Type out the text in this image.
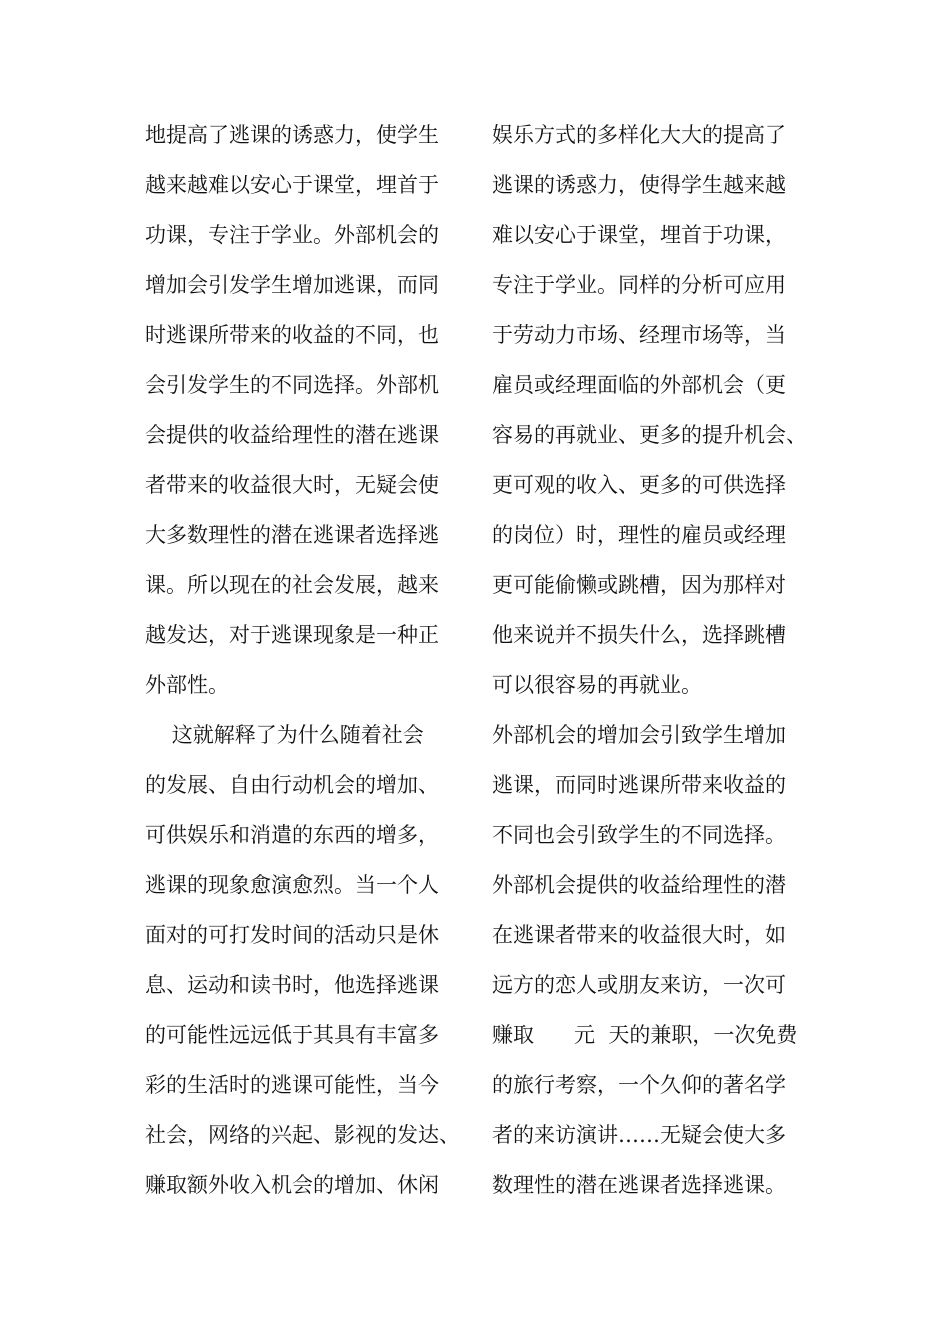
地提高了逃课的诱惑力，使学生
越来越难以安心于课堂，埋首于
功课，专注于学业。外部机会的
增加会引发学生增加逃课，而同
时逃课所带来的收益的不同，也
会引发学生的不同选择。外部机
会提供的收益给理性的潜在逃课
者带来的收益很大时，无疑会使
大多数理性的潜在逃课者选择逃
课。所以现在的社会发展，越来
越发达，对于逃课现象是一种正
外部性。
这就解释了为什么随着社会
的发展、自由行动机会的增加、
可供娱乐和消遣的东西的增多，
逃课的现象愈演愈烈。当一个人
面对的可打发时间的活动只是休
息、运动和读书时，他选择逃课
的可能性远远低于其具有丰富多
彩的生活时的逃课可能性，当今
社会，网络的兴起、影视的发达、
赚取额外收入机会的增加、休闲
娱乐方式的多样化大大的提高了
逃课的诱惑力，使得学生越来越
难以安心于课堂，埋首于功课，
专注于学业。同样的分析可应用
于劳动力市场、经理市场等，当
雇员或经理面临的外部机会（更
容易的再就业、更多的提升机会、
更可观的收入、更多的可供选择
的岗位）时，理性的雇员或经理
更可能偷懒或跳槽，因为那样对
他来说并不损失什么，选择跳槽
可以很容易的再就业。
外部机会的增加会引致学生增加
逃课，而同时逃课所带来收益的
不同也会引致学生的不同选择。
外部机会提供的收益给理性的潜
在逃课者带来的收益很大时，如
远方的恋人或朋友来访，一次可
赚取      元  天的兼职，一次免费
的旅行考察，一个久仰的著名学
者的来访演讲……无疑会使大多
数理性的潜在逃课者选择逃课。
